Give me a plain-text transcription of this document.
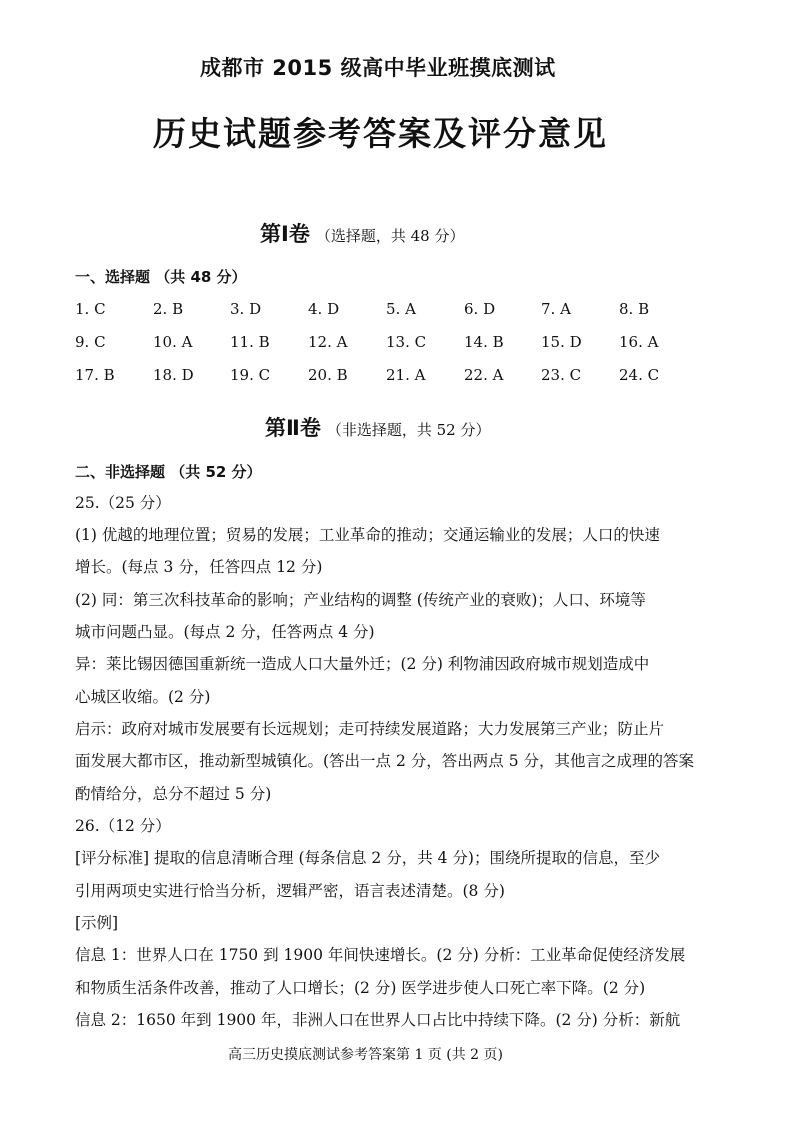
成都市 2015 级高中毕业班摸底测试
历史试题参考答案及评分意见
第Ⅰ卷 （选择题，共 48 分）
一、选择题 （共 48 分）
1. C	2. B	3. D	4. D	5. A	6. D	7. A	8. B
9. C	10. A	11. B	12. A	13. C	14. B 15. D 16. A
17. B	18. D 19. C	20. B	21. A	22. A	23. C	24. C
第Ⅱ卷 （非选择题，共 52 分）
二、非选择题 （共 52 分）
25.（25 分）
(1) 优越的地理位置；贸易的发展；工业革命的推动；交通运输业的发展；人口的快速
增长。(每点 3 分，任答四点 12 分)
(2) 同：第三次科技革命的影响；产业结构的调整 (传统产业的衰败)；人口、环境等
城市问题凸显。(每点 2 分，任答两点 4 分)
异：莱比锡因德国重新统一造成人口大量外迁；(2 分) 利物浦因政府城市规划造成中
心城区收缩。(2 分)
启示：政府对城市发展要有长远规划；走可持续发展道路；大力发展第三产业；防止片
面发展大都市区，推动新型城镇化。(答出一点 2 分，答出两点 5 分，其他言之成理的答案
酌情给分，总分不超过 5 分)
26.（12 分）
[评分标准] 提取的信息清晰合理 (每条信息 2 分，共 4 分)；围绕所提取的信息，至少
引用两项史实进行恰当分析，逻辑严密，语言表述清楚。(8 分)
[示例]
信息 1：世界人口在 1750 到 1900 年间快速增长。(2 分) 分析：工业革命促使经济发展
和物质生活条件改善，推动了人口增长；(2 分) 医学进步使人口死亡率下降。(2 分)
信息 2：1650 年到 1900 年，非洲人口在世界人口占比中持续下降。(2 分) 分析：新航
高三历史摸底测试参考答案第 1 页 (共 2 页)
